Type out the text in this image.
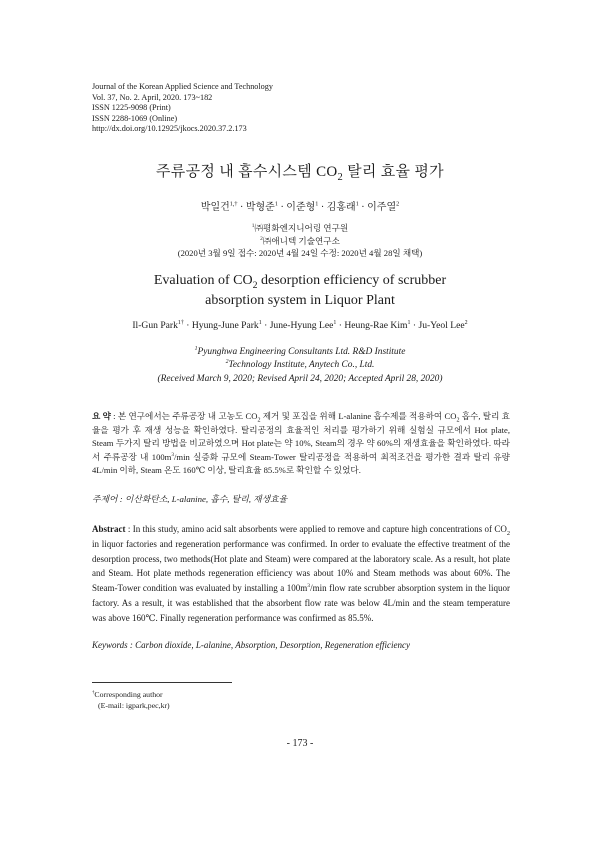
Journal of the Korean Applied Science and Technology
Vol. 37, No. 2. April, 2020. 173~182
ISSN 1225-9098 (Print)
ISSN 2288-1069 (Online)
http://dx.doi.org/10.12925/jkocs.2020.37.2.173
주류공정 내 흡수시스템 $CO_2$ 탈리 효율 평가
박일건$^{1,\dagger}$ · 박형준$^1$ · 이준형$^1$ · 김홍래$^1$ · 이주열$^2$
$^1$㈜평화엔지니어링 연구원
$^2$㈜애니텍 기술연구소
(2020년 3월 9일 접수: 2020년 4월 24일 수정: 2020년 4월 28일 채택)
Evaluation of $CO_2$ desorption efficiency of scrubber
absorption system in Liquor Plant
Il-Gun Park$^{1\dagger}$ · Hyung-June Park$^1$ · June-Hyung Lee$^1$ · Heung-Rae Kim$^1$ · Ju-Yeol Lee$^2$
$^1$Pyunghwa Engineering Consultants Ltd. R&D Institute
$^2$Technology Institute, Anytech Co., Ltd.
(Received March 9, 2020; Revised April 24, 2020; Accepted April 28, 2020)
요 약 : 본 연구에서는 주류공장 내 고농도 $CO_2$ 제거 및 포집을 위해 L-alanine 흡수제를 적용하여 $CO_2$ 흡수, 탈리 효율을 평가 후 재생 성능을 확인하였다. 탈리공정의 효율적인 처리를 평가하기 위해 실험실 규모에서 Hot plate, Steam 두가지 탈리 방법을 비교하였으며 Hot plate는 약 10%, Steam의 경우 약 60%의 재생효율을 확인하였다. 따라서 주류공장 내 $100m^3/\min$ 실증화 규모에 Steam-Tower 탈리공정을 적용하여 최적조건을 평가한 결과 탈리 유량 4L/min 이하, Steam 온도 160℃ 이상, 탈리효율 85.5%로 확인할 수 있었다.
주제어 : 이산화탄소, L-alanine, 흡수, 탈리, 재생효율
Abstract : In this study, amino acid salt absorbents were applied to remove and capture high concentrations of $CO_2$ in liquor factories and regeneration performance was confirmed. In order to evaluate the effective treatment of the desorption process, two methods(Hot plate and Steam) were compared at the laboratory scale. As a result, hot plate and Steam. Hot plate methods regeneration efficiency was about 10% and Steam methods was about 60%. The Steam-Tower condition was evaluated by installing a $100m^3/\min$ flow rate scrubber absorption system in the liquor factory. As a result, it was established that the absorbent flow rate was below 4L/min and the steam temperature was above 160℃. Finally regeneration performance was confirmed as 85.5%.
Keywords : Carbon dioxide, L-alanine, Absorption, Desorption, Regeneration efficiency
†Corresponding author
(E-mail: igpark,pec,kr)
- 173 -
